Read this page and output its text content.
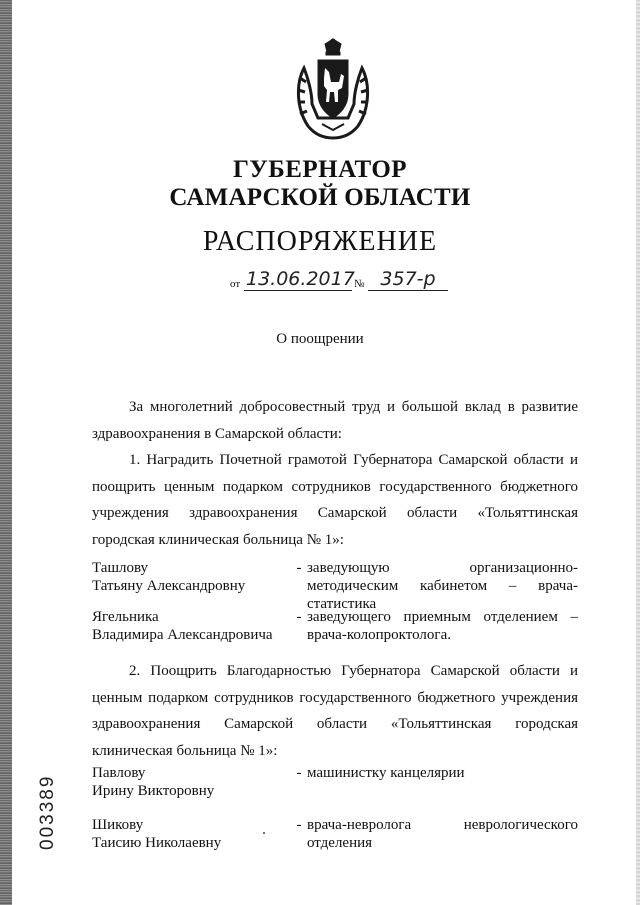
ГУБЕРНАТОР
САМАРСКОЙ ОБЛАСТИ
РАСПОРЯЖЕНИЕ
от 13.06.2017 № 357-р
О поощрении
За многолетний добросовестный труд и большой вклад в развитие здравоохранения в Самарской области:
1. Наградить Почетной грамотой Губернатора Самарской области и поощрить ценным подарком сотрудников государственного бюджетного учреждения здравоохранения Самарской области «Тольяттинская городская клиническая больница № 1»:
Ташлову
Татьяну Александровну
- заведующую организационно-методическим кабинетом – врача-статистика
Ягельника
Владимира Александровича
- заведующего приемным отделением – врача-колопроктолога.
2. Поощрить Благодарностью Губернатора Самарской области и ценным подарком сотрудников государственного бюджетного учреждения здравоохранения Самарской области «Тольяттинская городская клиническая больница № 1»:
Павлову
Ирину Викторовну
- машинистку канцелярии
Шикову
Таисию Николаевну
- врача-невролога неврологического отделения
003389
